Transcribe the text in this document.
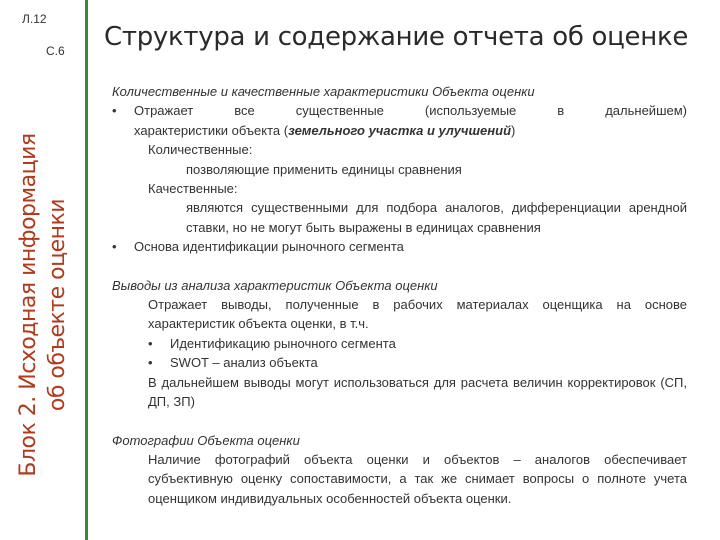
Л.12
С.6
Блок 2. Исходная информация об объекте оценки
Структура и содержание отчета об оценке

Количественные и качественные характеристики Объекта оценки

•	Отражает все существенные (используемые в дальнейшем)

характеристики объекта (земельного участка и улучшений)

Количественные:

позволяющие применить единицы сравнения

Качественные:

являются существенными для подбора аналогов, дифференциации арендной ставки, но не могут быть выражены в единицах сравнения

•	Основа идентификации рыночного сегмента

Выводы из анализа характеристик Объекта оценки

Отражает выводы, полученные в рабочих материалах оценщика на основе характеристик объекта оценки, в т.ч.

•	Идентификацию рыночного сегмента
•	SWOT – анализ объекта

В дальнейшем выводы могут использоваться для расчета величин корректировок (СП, ДП, ЗП)

Фотографии Объекта оценки

Наличие фотографий объекта оценки и объектов – аналогов обеспечивает субъективную оценку сопоставимости, а так же снимает вопросы о полноте учета оценщиком индивидуальных особенностей объекта оценки.
